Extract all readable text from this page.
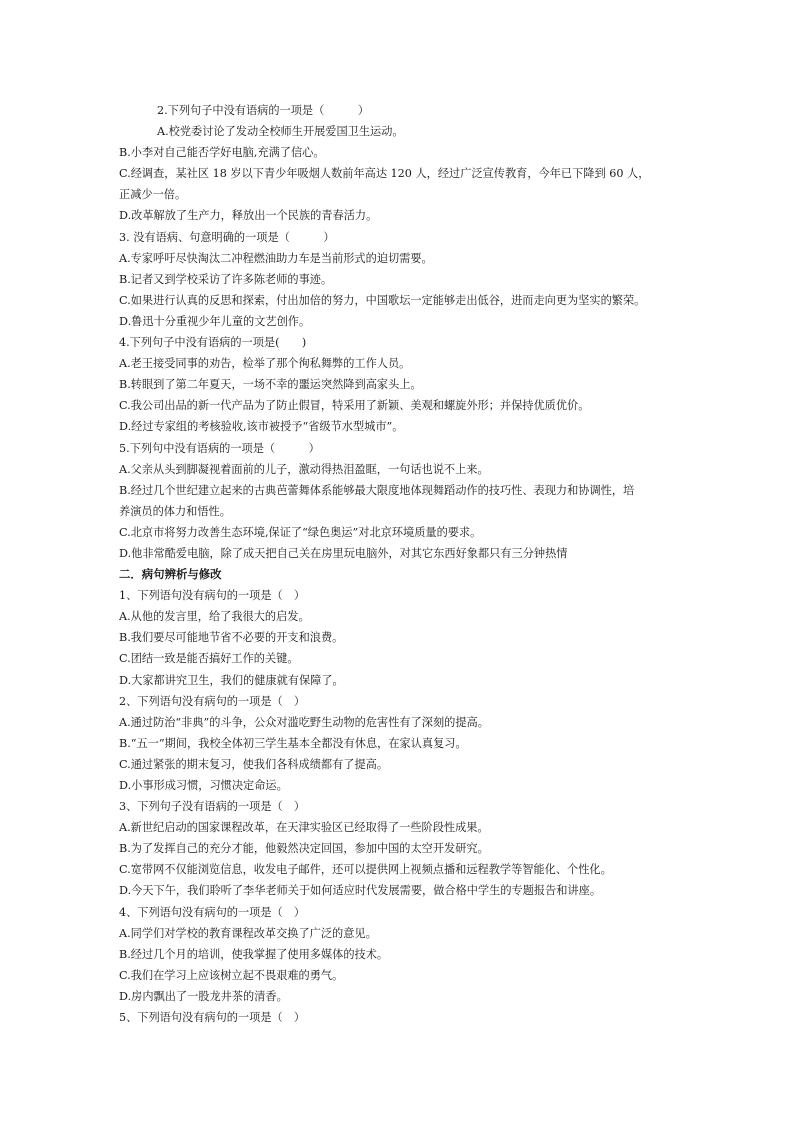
2.下列句子中没有语病的一项是（　　　）
A.校党委讨论了发动全校师生开展爱国卫生运动。
B.小李对自己能否学好电脑,充满了信心。
C.经调查，某社区 18 岁以下青少年吸烟人数前年高达 120 人，经过广泛宣传教育，今年已下降到 60 人，
正减少一倍。
D.改革解放了生产力，释放出一个民族的青春活力。
3. 没有语病、句意明确的一项是（　　　）
A.专家呼吁尽快淘汰二冲程燃油助力车是当前形式的迫切需要。
B.记者又到学校采访了许多陈老师的事迹。
C.如果进行认真的反思和探索，付出加倍的努力，中国歌坛一定能够走出低谷，进而走向更为坚实的繁荣。
D.鲁迅十分重视少年儿童的文艺创作。
4.下列句子中没有语病的一项是(　　)
A.老王接受同事的劝告，检举了那个徇私舞弊的工作人员。
B.转眼到了第二年夏天，一场不幸的噩运突然降到高家头上。
C.我公司出品的新一代产品为了防止假冒，特采用了新颖、美观和螺旋外形；并保持优质优价。
D.经过专家组的考核验收,该市被授予“省级节水型城市”。
5.下列句中没有语病的一项是（　　　）
A.父亲从头到脚凝视着面前的儿子，激动得热泪盈眶，一句话也说不上来。
B.经过几个世纪建立起来的古典芭蕾舞体系能够最大限度地体现舞蹈动作的技巧性、表现力和协调性，培
养演员的体力和悟性。
C.北京市将努力改善生态环境,保证了“绿色奥运”对北京环境质量的要求。
D.他非常酷爱电脑，除了成天把自己关在房里玩电脑外，对其它东西好象都只有三分钟热情
二．病句辨析与修改
1、下列语句没有病句的一项是（　）
A.从他的发言里，给了我很大的启发。
B.我们要尽可能地节省不必要的开支和浪费。
C.团结一致是能否搞好工作的关键。
D.大家都讲究卫生，我们的健康就有保障了。
2、下列语句没有病句的一项是（　）
A.通过防治“非典”的斗争，公众对滥吃野生动物的危害性有了深刻的提高。
B.“五一”期间，我校全体初三学生基本全都没有休息，在家认真复习。
C.通过紧张的期末复习，使我们各科成绩都有了提高。
D.小事形成习惯，习惯决定命运。
3、下列句子没有语病的一项是（　）
A.新世纪启动的国家课程改革，在天津实验区已经取得了一些阶段性成果。
B.为了发挥自己的充分才能，他毅然决定回国，参加中国的太空开发研究。
C.宽带网不仅能浏览信息，收发电子邮件，还可以提供网上视频点播和远程教学等智能化、个性化。
D.今天下午，我们聆听了李华老师关于如何适应时代发展需要，做合格中学生的专题报告和讲座。
4、下列语句没有病句的一项是（　）
A.同学们对学校的教育课程改革交换了广泛的意见。
B.经过几个月的培训，使我掌握了使用多媒体的技术。
C.我们在学习上应该树立起不畏艰难的勇气。
D.房内飘出了一股龙井茶的清香。
5、下列语句没有病句的一项是（　）
